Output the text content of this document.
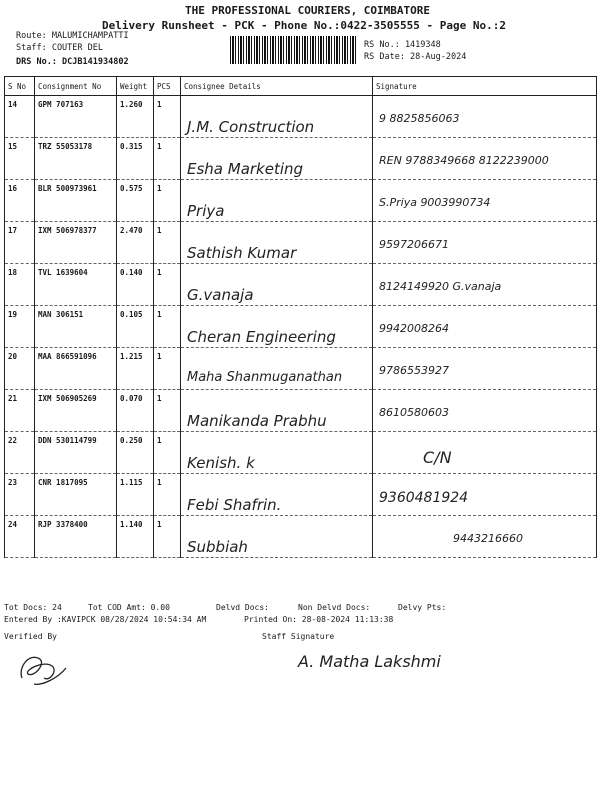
THE PROFESSIONAL COURIERS, COIMBATORE
Delivery Runsheet - PCK - Phone No.:0422-3505555 - Page No.:2
Route: MALUMICHAMPATTI
Staff: COUTER DEL
DRS No.: DCJB141934802
RS No.: 1419348
RS Date: 28-Aug-2024
S No	Consignment No	Weight	PCS	Consignee Details	Signature
14	GPM 707163	1.260	1	J.M. Construction	9 8825856063

15	TRZ 55053178	0.315	1	Esha Marketing	REN 9788349668 8122239000

16	BLR 500973961	0.575	1	Priya	S.Priya 9003990734

17	IXM 506978377	2.470	1	Sathish Kumar	9597206671

18	TVL 1639604	0.140	1	G.vanaja	8124149920 G.vanaja

19	MAN 306151	0.105	1	Cheran Engineering	9942008264

20	MAA 866591096	1.215	1	Maha Shanmuganathan	9786553927

21	IXM 506905269	0.070	1	Manikanda Prabhu	8610580603

22	DDN 530114799	0.250	1	Kenish. k	C/N

23	CNR 1817095	1.115	1	Febi Shafrin.	9360481924

24	RJP 3378400	1.140	1	Subbiah	9443216660
Tot Docs: 24	Tot COD Amt: 0.00	Delvd Docs:	Non Delvd Docs:	Delvy Pts:
Entered By :KAVIPCK 08/28/2024 10:54:34 AM	Printed On: 28-08-2024 11:13:38
Verified By	Staff Signature
A. Matha Lakshmi
